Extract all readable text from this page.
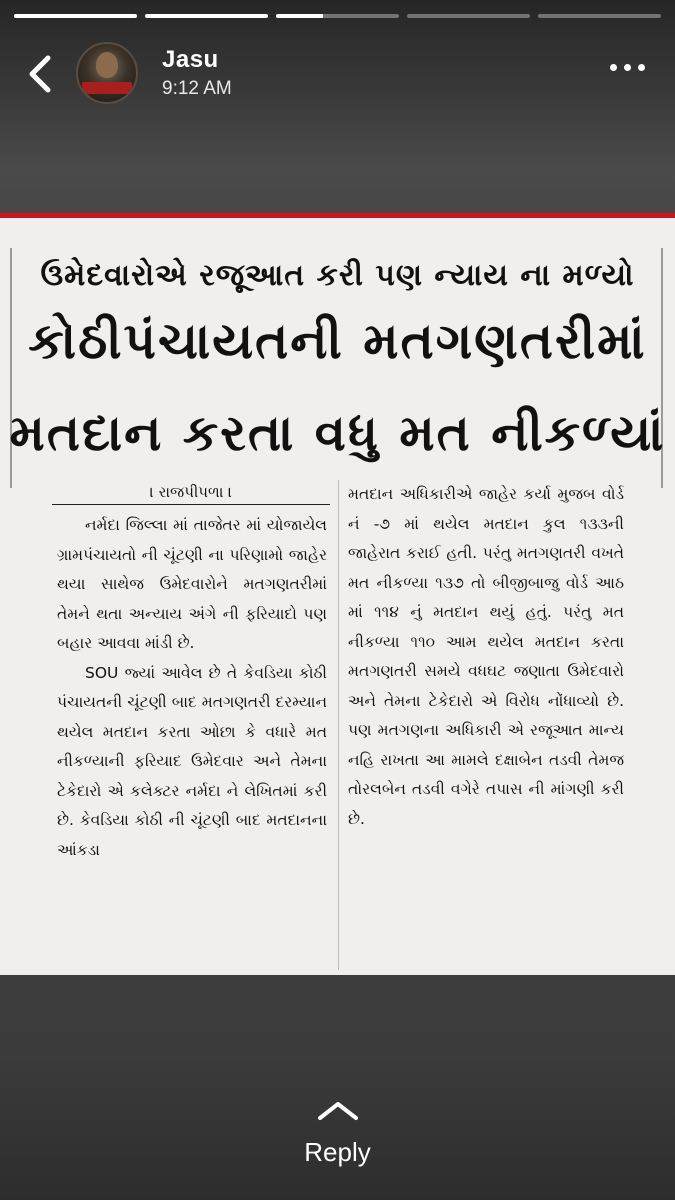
Jasu
9:12 AM
ઉમેદવારોએ રજૂઆત કરી પણ ન્યાય ના મળ્યો
કોઠીપંચાયતની મતગણતરીમાં
મતદાન કરતા વધુ મત નીકળ્યાં
। રાજપીપળા ।

નર્મદા જિલ્લા માં તાજેતર માં યોજાયેલ ગ્રામપંચાયતો ની ચૂંટણી ના પરિણામો જાહેર થયા સાથેજ ઉમેદવારોને મતગણતરીમાં તેમને થતા અન્યાય અંગે ની ફરિયાદો પણ બહાર આવવા માંડી છે.

SOU જ્યાં આવેલ છે તે કેવડિયા કોઠી પંચાયતની ચૂંટણી બાદ મતગણતરી દરમ્યાન થયેલ મતદાન કરતા ઓછા કે વધારે મત નીકળ્યાની ફરિયાદ ઉમેદવાર અને તેમના ટેકેદારો એ કલેક્ટર નર્મદા ને લેખિતમાં કરી છે. કેવડિયા કોઠી ની ચૂંટણી બાદ મતદાનના આંકડા

મતદાન અધિકારીએ જાહેર કર્યા મુજબ વોર્ડ નં -૭ માં થયેલ મતદાન કુલ ૧૩૩ની જાહેરાત કરાઈ હતી. પરંતુ મતગણતરી વખતે મત નીકળ્યા ૧૩૭ તો બીજીબાજુ વોર્ડ આઠ માં ૧૧૪ નું મતદાન થયું હતું. પરંતુ મત નીકળ્યા ૧૧૦ આમ થયેલ મતદાન કરતા મતગણતરી સમયે વધઘટ જણાતા ઉમેદવારો અને તેમના ટેકેદારો એ વિરોધ નોંધાવ્યો છે. પણ મતગણના અધિકારી એ રજૂઆત માન્ય નહિ રાખતા આ મામલે દક્ષાબેન તડવી તેમજ તોરલબેન તડવી વગેરે તપાસ ની માંગણી કરી છે.

Reply
